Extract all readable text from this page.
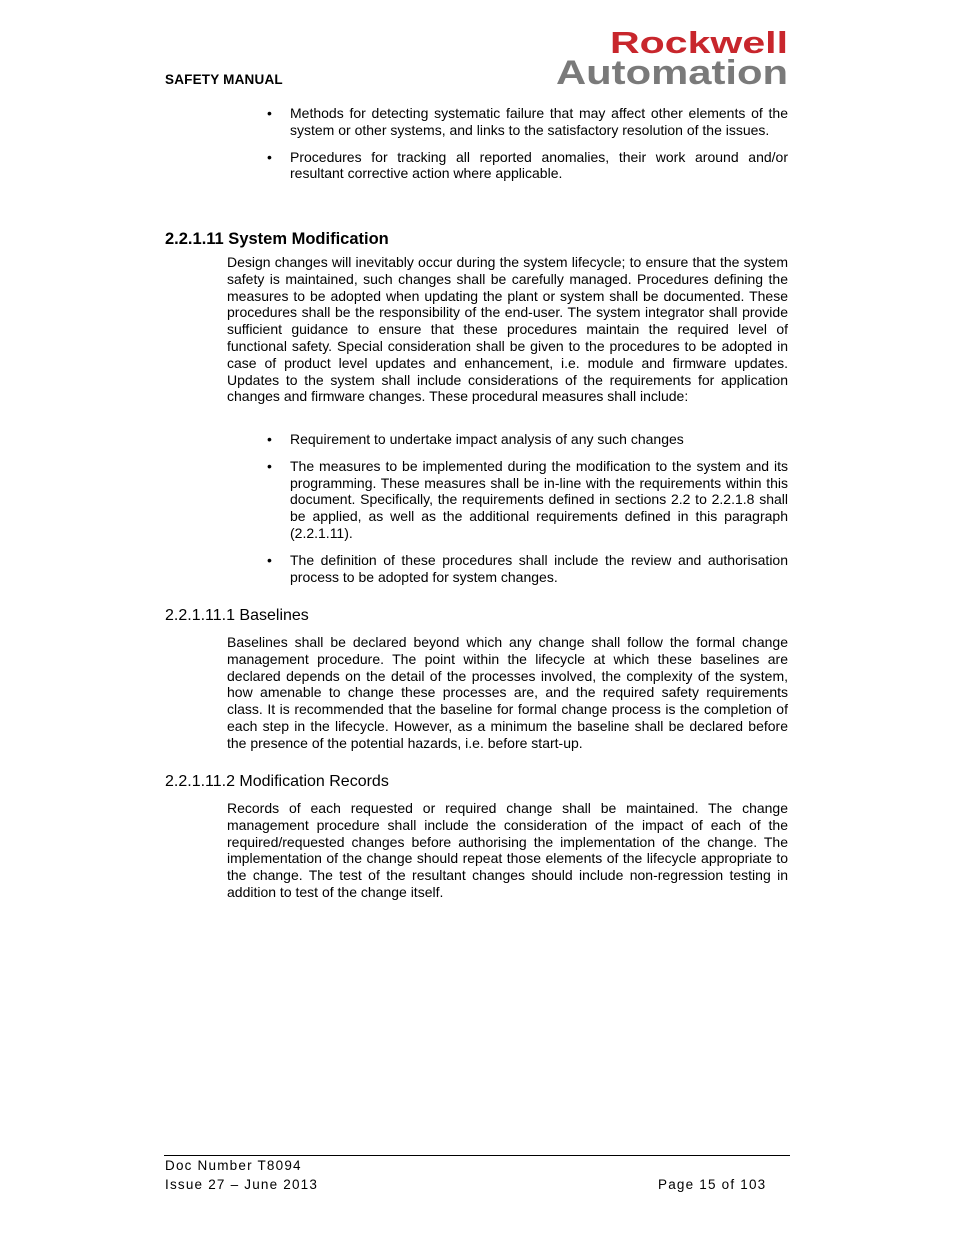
SAFETY MANUAL
Rockwell
Automation
• Methods for detecting systematic failure that may affect other elements of the system or other systems, and links to the satisfactory resolution of the issues.
• Procedures for tracking all reported anomalies, their work around and/or resultant corrective action where applicable.
2.2.1.11 System Modification
Design changes will inevitably occur during the system lifecycle; to ensure that the system safety is maintained, such changes shall be carefully managed. Procedures defining the measures to be adopted when updating the plant or system shall be documented. These procedures shall be the responsibility of the end-user. The system integrator shall provide sufficient guidance to ensure that these procedures maintain the required level of functional safety. Special consideration shall be given to the procedures to be adopted in case of product level updates and enhancement, i.e. module and firmware updates. Updates to the system shall include considerations of the requirements for application changes and firmware changes. These procedural measures shall include:
• Requirement to undertake impact analysis of any such changes
• The measures to be implemented during the modification to the system and its programming. These measures shall be in-line with the requirements within this document. Specifically, the requirements defined in sections 2.2 to 2.2.1.8 shall be applied, as well as the additional requirements defined in this paragraph (2.2.1.11).
• The definition of these procedures shall include the review and authorisation process to be adopted for system changes.
2.2.1.11.1 Baselines
Baselines shall be declared beyond which any change shall follow the formal change management procedure. The point within the lifecycle at which these baselines are declared depends on the detail of the processes involved, the complexity of the system, how amenable to change these processes are, and the required safety requirements class. It is recommended that the baseline for formal change process is the completion of each step in the lifecycle. However, as a minimum the baseline shall be declared before the presence of the potential hazards, i.e. before start-up.
2.2.1.11.2 Modification Records
Records of each requested or required change shall be maintained. The change management procedure shall include the consideration of the impact of each of the required/requested changes before authorising the implementation of the change. The implementation of the change should repeat those elements of the lifecycle appropriate to the change. The test of the resultant changes should include non-regression testing in addition to test of the change itself.
Doc Number T8094
Issue 27 – June 2013	Page 15 of 103
